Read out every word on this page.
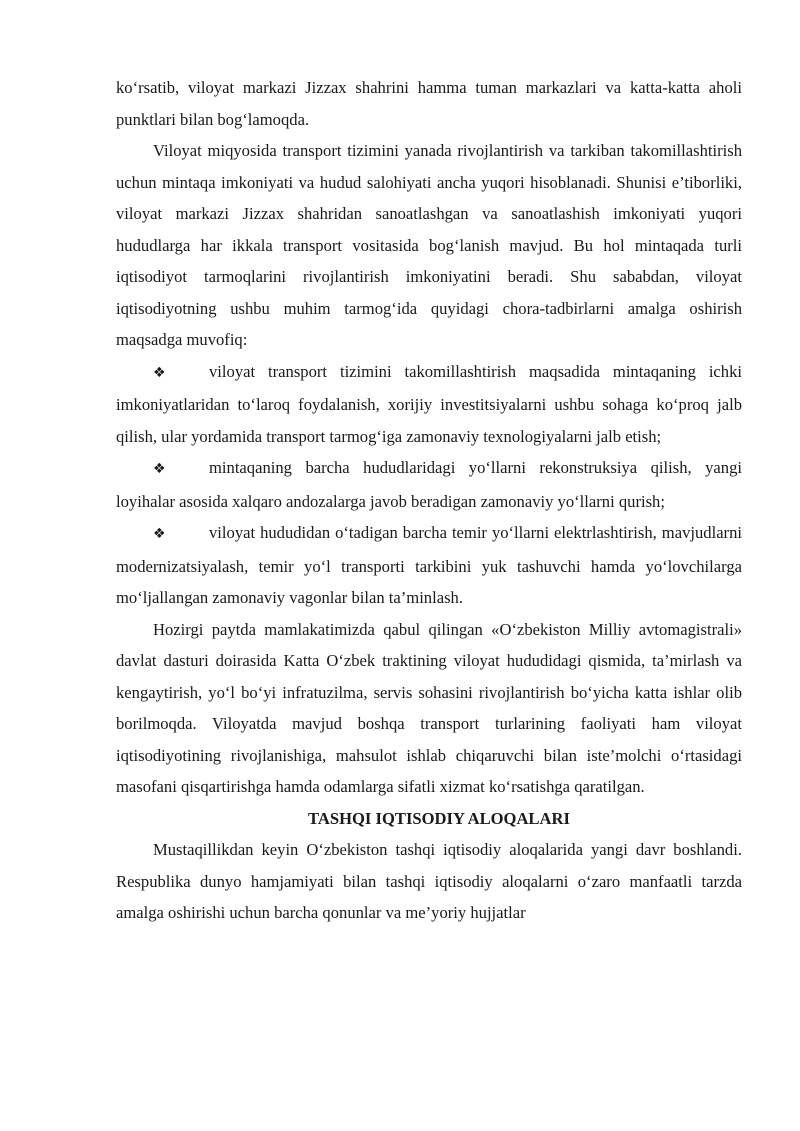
ko‘rsatib, viloyat markazi Jizzax shahrini hamma tuman markazlari va katta-katta aholi punktlari bilan bog‘lamoqda.

Viloyat miqyosida transport tizimini yanada rivojlantirish va tarkiban takomillashtirish uchun mintaqa imkoniyati va hudud salohiyati ancha yuqori hisoblanadi. Shunisi e’tiborliki, viloyat markazi Jizzax shahridan sanoatlashgan va sanoatlashish imkoniyati yuqori hududlarga har ikkala transport vositasida bog‘lanish mavjud. Bu hol mintaqada turli iqtisodiyot tarmoqlarini rivojlantirish imkoniyatini beradi. Shu sababdan, viloyat iqtisodiyotning ushbu muhim tarmog‘ida quyidagi chora-tadbirlarni amalga oshirish maqsadga muvofiq:

❖	viloyat transport tizimini takomillashtirish maqsadida mintaqaning ichki imkoniyatlaridan to‘laroq foydalanish, xorijiy investitsiyalarni ushbu sohaga ko‘proq jalb qilish, ular yordamida transport tarmog‘iga zamonaviy texnologiyalarni jalb etish;

❖	mintaqaning barcha hududlaridagi yo‘llarni rekonstruksiya qilish, yangi loyihalar asosida xalqaro andozalarga javob beradigan zamonaviy yo‘llarni qurish;

❖	viloyat hududidan o‘tadigan barcha temir yo‘llarni elektrlashtirish, mavjudlarni modernizatsiyalash, temir yo‘l transporti tarkibini yuk tashuvchi hamda yo‘lovchilarga mo‘ljallangan zamonaviy vagonlar bilan ta’minlash.

Hozirgi paytda mamlakatimizda qabul qilingan «O‘zbekiston Milliy avtomagistrali» davlat dasturi doirasida Katta O‘zbek traktining viloyat hududidagi qismida, ta’mirlash va kengaytirish, yo‘l bo‘yi infratuzilma, servis sohasini rivojlantirish bo‘yicha katta ishlar olib borilmoqda. Viloyatda mavjud boshqa transport turlarining faoliyati ham viloyat iqtisodiyotining rivojlanishiga, mahsulot ishlab chiqaruvchi bilan iste’molchi o‘rtasidagi masofani qisqartirishga hamda odamlarga sifatli xizmat ko‘rsatishga qaratilgan.

TASHQI IQTISODIY ALOQALARI

Mustaqillikdan keyin O‘zbekiston tashqi iqtisodiy aloqalarida yangi davr boshlandi. Respublika dunyo hamjamiyati bilan tashqi iqtisodiy aloqalarni o‘zaro manfaatli tarzda amalga oshirishi uchun barcha qonunlar va me’yoriy hujjatlar
